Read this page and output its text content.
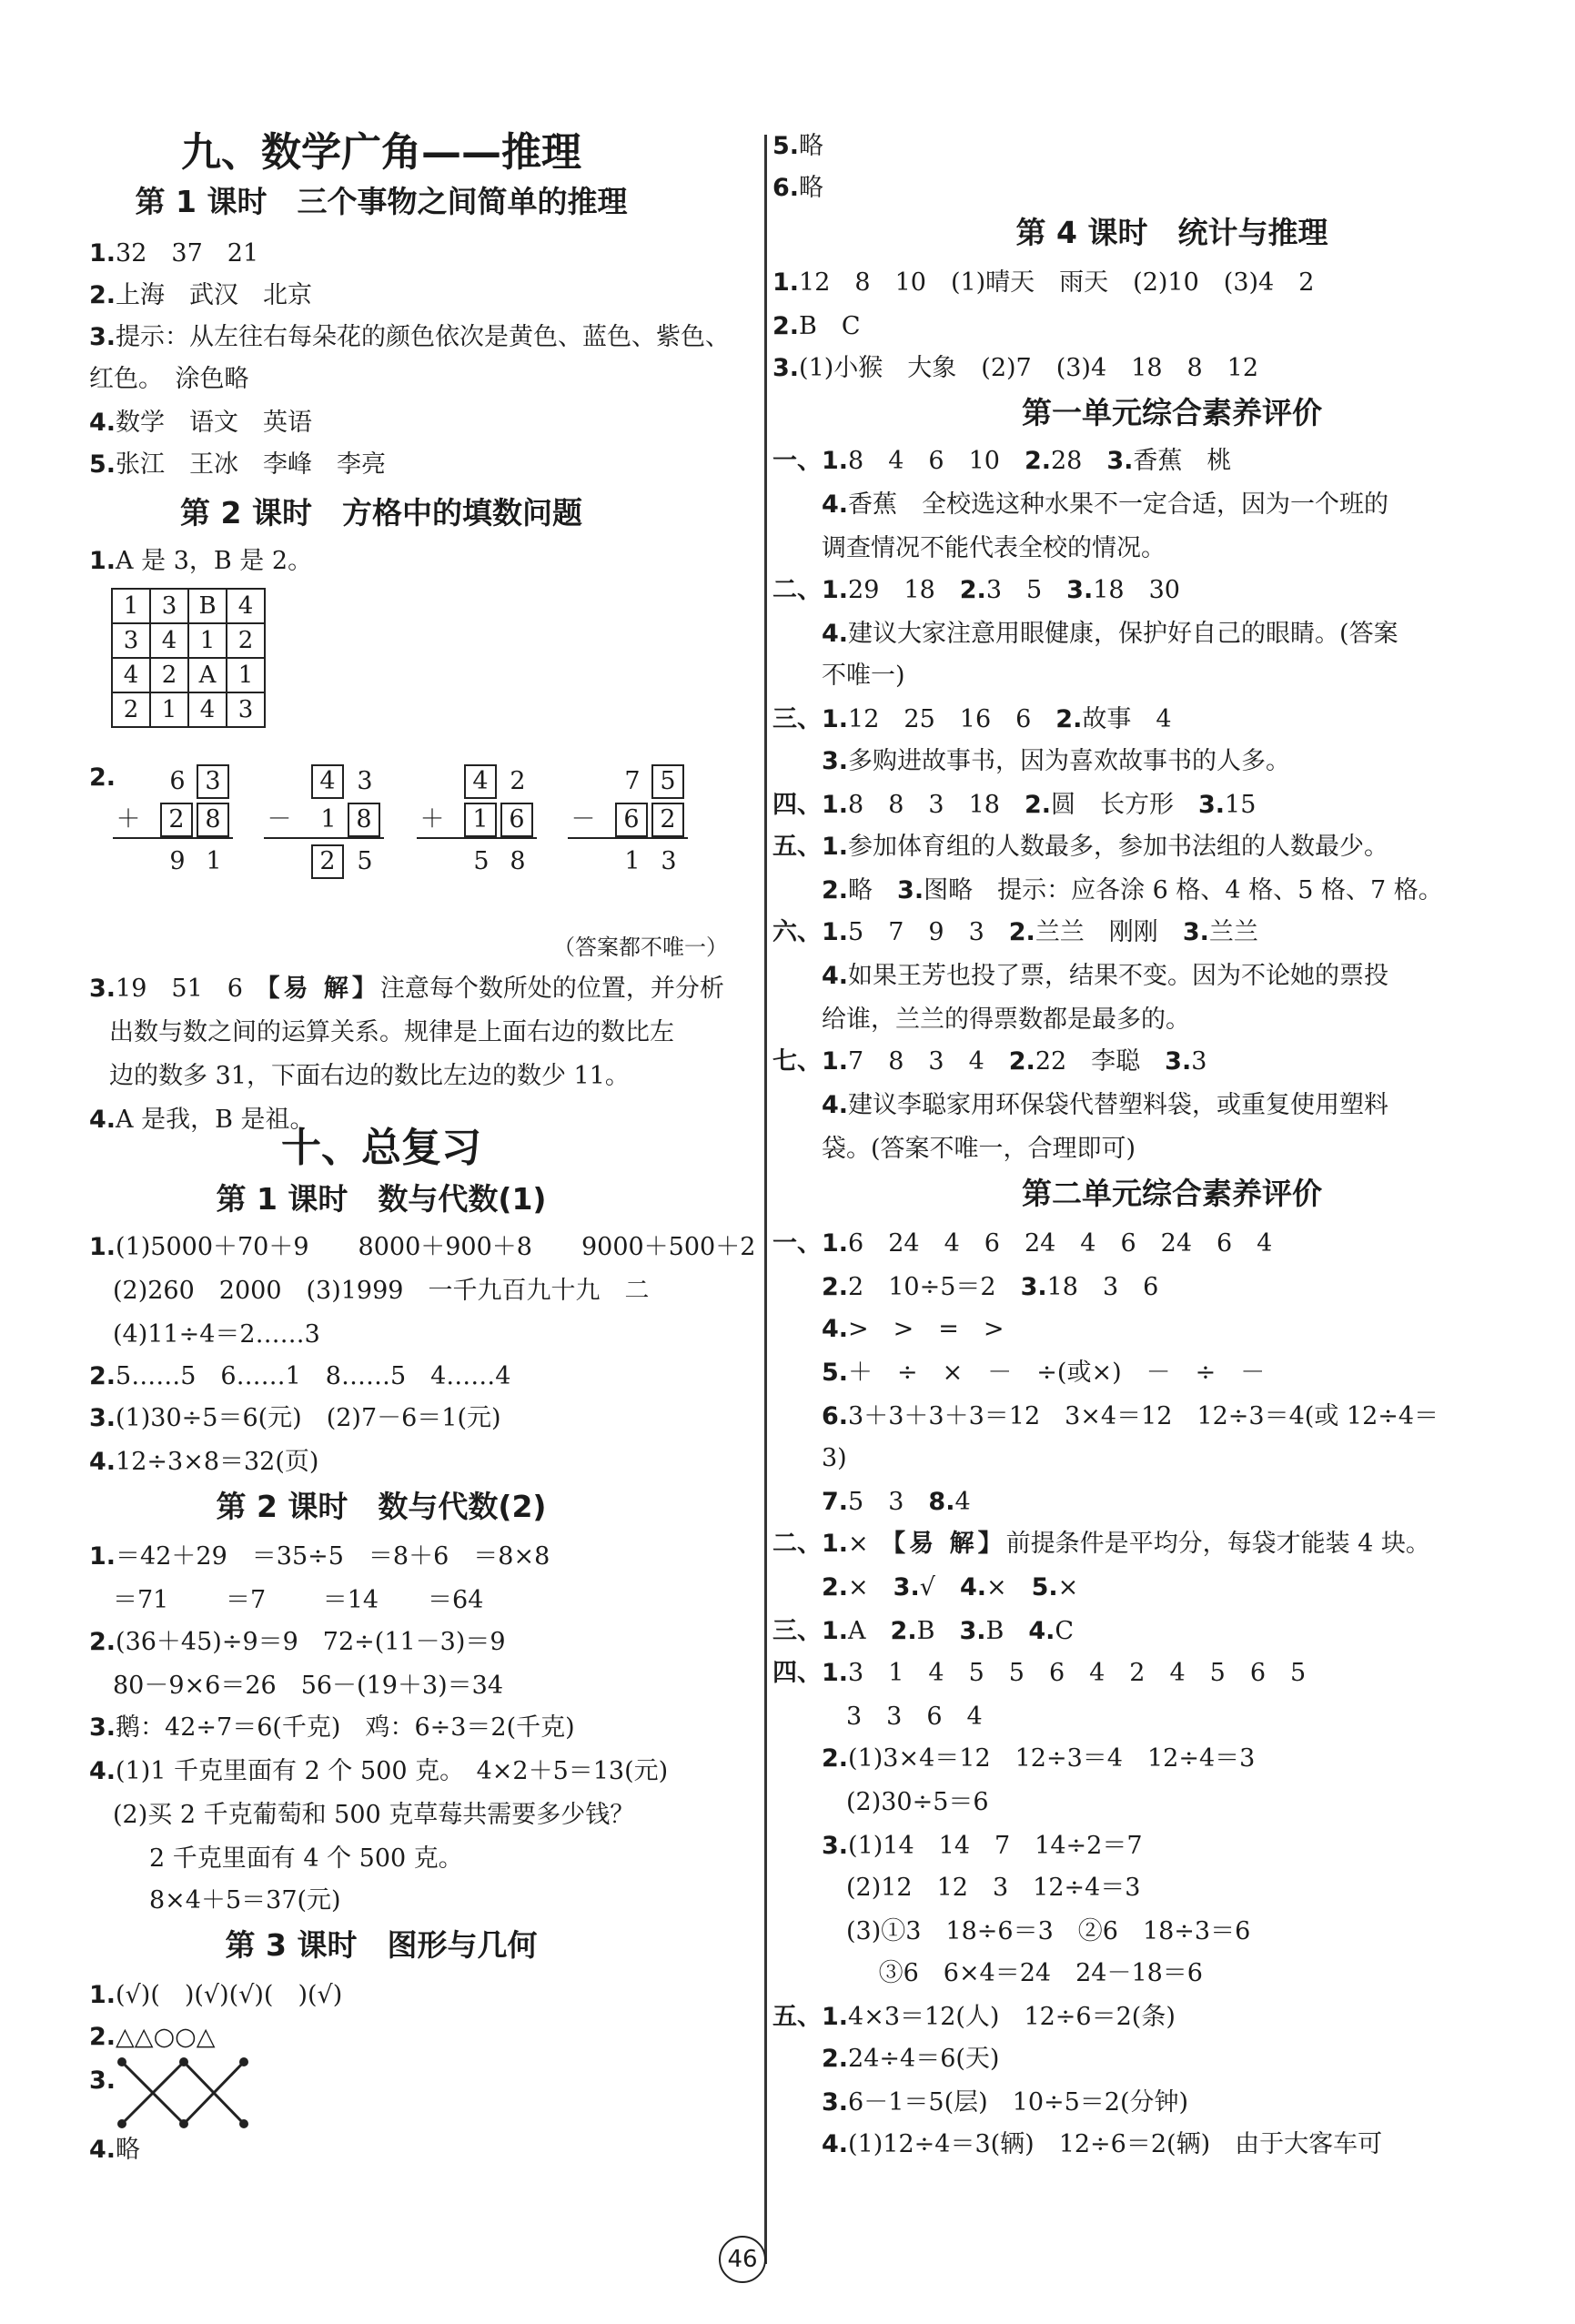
九、数学广角——推理
第 1 课时　三个事物之间简单的推理
1.32　37　21
2.上海　武汉　北京
3.提示：从左往右每朵花的颜色依次是黄色、蓝色、紫色、
红色。　涂色略
4.数学　语文　英语
5.张江　王冰　李峰　李亮
第 2 课时　方格中的填数问题
1.A 是 3，B 是 2。
1	3	B	4
3	4	1	2
4	2	A	1
2	1	4	3
2.	6 3
＋	2 8
9 1
4 3
－	1 8
2 5
4 2
＋	1 6
5 8
7 5
－	6 2
1 3
（答案都不唯一）
3.19　51　6　【易 解】注意每个数所处的位置，并分析
出数与数之间的运算关系。规律是上面右边的数比左
边的数多 31，下面右边的数比左边的数少 11。
4.A 是我，B 是祖。
十、总复习
第 1 课时　数与代数(1)
1.(1)5000＋70＋9　　8000＋900＋8　　9000＋500＋2
(2)260　2000　(3)1999　一千九百九十九　二
(4)11÷4＝2……3
2.5……5　6……1　8……5　4……4
3.(1)30÷5＝6(元)　(2)7－6＝1(元)
4.12÷3×8＝32(页)
第 2 课时　数与代数(2)
1.＝42＋29　＝35÷5　＝8＋6　＝8×8
＝71　　 ＝7　　 ＝14　　＝64
2.(36＋45)÷9＝9　72÷(11－3)＝9
80－9×6＝26　56－(19＋3)＝34
3.鹅：42÷7＝6(千克)　鸡：6÷3＝2(千克)
4.(1)1 千克里面有 2 个 500 克。　4×2＋5＝13(元)
(2)买 2 千克葡萄和 500 克草莓共需要多少钱？
2 千克里面有 4 个 500 克。
8×4＋5＝37(元)
第 3 课时　图形与几何
1.(√)(　)(√)(√)(　)(√)
2.△△○○△
3.
4.略
5.略
6.略
第 4 课时　统计与推理
1.12　8　10　(1)晴天　雨天　(2)10　(3)4　2
2.B　C
3.(1)小猴　大象　(2)7　(3)4　18　8　12
第一单元综合素养评价
一、1.8　4　6　10　2.28　3.香蕉　桃
　　4.香蕉　全校选这种水果不一定合适，因为一个班的
　　调查情况不能代表全校的情况。
二、1.29　18　2.3　5　3.18　30
　　4.建议大家注意用眼健康，保护好自己的眼睛。(答案
　　不唯一)
三、1.12　25　16　6　2.故事　4
　　3.多购进故事书，因为喜欢故事书的人多。
四、1.8　8　3　18　2.圆　长方形　3.15
五、1.参加体育组的人数最多，参加书法组的人数最少。
　　2.略　3.图略　提示：应各涂 6 格、4 格、5 格、7 格。
六、1.5　7　9　3　2.兰兰　刚刚　3.兰兰
　　4.如果王芳也投了票，结果不变。因为不论她的票投
　　给谁，兰兰的得票数都是最多的。
七、1.7　8　3　4　2.22　李聪　3.3
　　4.建议李聪家用环保袋代替塑料袋，或重复使用塑料
　　袋。(答案不唯一，合理即可)
第二单元综合素养评价
一、1.6　24　4　6　24　4　6　24　6　4
　　2.2　10÷5＝2　3.18　3　6
　　4.>　>　=　>
　　5.＋　÷　×　－　÷(或×)　－　÷　－
　　6.3＋3＋3＋3＝12　3×4＝12　12÷3＝4(或 12÷4＝
　　3)
　　7.5　3　8.4
二、1.×　【易 解】前提条件是平均分，每袋才能装 4 块。
　　2.×　3.√　4.×　5.×
三、1.A　2.B　3.B　4.C
四、1.3　1　4　5　5　6　4　2　4　5　6　5
　　　3　3　6　4
　　2.(1)3×4＝12　12÷3＝4　12÷4＝3
　　　(2)30÷5＝6
　　3.(1)14　14　7　14÷2＝7
　　　(2)12　12　3　12÷4＝3
　　　(3)①3　18÷6＝3　②6　18÷3＝6
　　　　 ③6　6×4＝24　24－18＝6
五、1.4×3＝12(人)　12÷6＝2(条)
　　2.24÷4＝6(天)
　　3.6－1＝5(层)　10÷5＝2(分钟)
　　4.(1)12÷4＝3(辆)　12÷6＝2(辆)　由于大客车可
46
